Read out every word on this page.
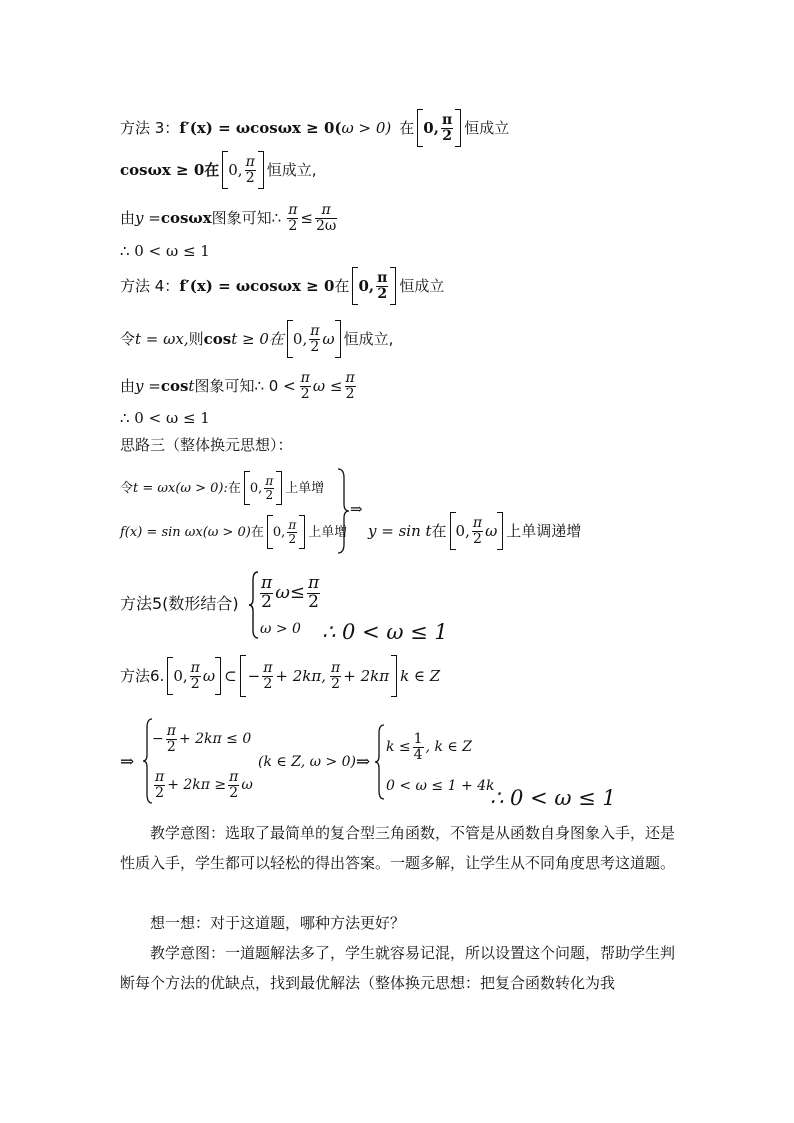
方法 3： f′(x) = ωcosωx ≥ 0( ω > 0) 在 0, $\frac{\pi}{2}$ 恒成立
cosωx ≥ 0在 0, $\frac{\pi}{2}$ 恒成立,
由 y = cosωx 图象可知∴ $\frac{\pi}{2} \le \frac{\pi}{2\omega}$
∴ 0 < ω ≤ 1
方法 4： f′(x) = ωcosωx ≥ 0 在 0, $\frac{\pi}{2}$ 恒成立
令 t = ωx, 则 cos t ≥ 0在 0, $\frac{\pi}{2}$ ω 恒成立,
由 y = cos t 图象可知∴ $0 < \frac{\pi}{2}$ $\omega \le \frac{\pi}{2}$
∴ 0 < ω ≤ 1
思路三（整体换元思想）：
令 t = ωx(ω > 0): 在 0, $\frac{\pi}{2}$ 上单增
f(x) = sin ωx(ω > 0) 在 0, $\frac{\pi}{2}$ 上单增
⇒
y = sin t 在 0, $\frac{\pi}{2}$ ω 上单调递增
方法5(数形结合) $\frac{\pi}{2} \omega\le \frac{\pi}{2}$
ω > 0 ∴ 0 < ω ≤ 1
方法6. 0, $\frac{\pi}{2}$ ω ⊂ − $\frac{\pi}{2} + 2k\pi$, $\frac{\pi}{2} + 2k\pi$ k ∈ Z
⇒
− $\frac{\pi}{2} + 2k\pi \le 0$
$\frac{\pi}{2} + 2k\pi \ge \frac{\pi}{2}$ ω
(k ∈ Z, ω > 0) ⇒
$k \le \frac{1}{4}$ , k ∈ Z
0 < ω ≤ 1 + 4k
∴ 0 < ω ≤ 1
教学意图：选取了最简单的复合型三角函数，不管是从函数自身图象入手，还是性质入手，学生都可以轻松的得出答案。一题多解，让学生从不同角度思考这道题。
想一想：对于这道题，哪种方法更好？
教学意图：一道题解法多了，学生就容易记混，所以设置这个问题，帮助学生判断每个方法的优缺点，找到最优解法（整体换元思想：把复合函数转化为我
